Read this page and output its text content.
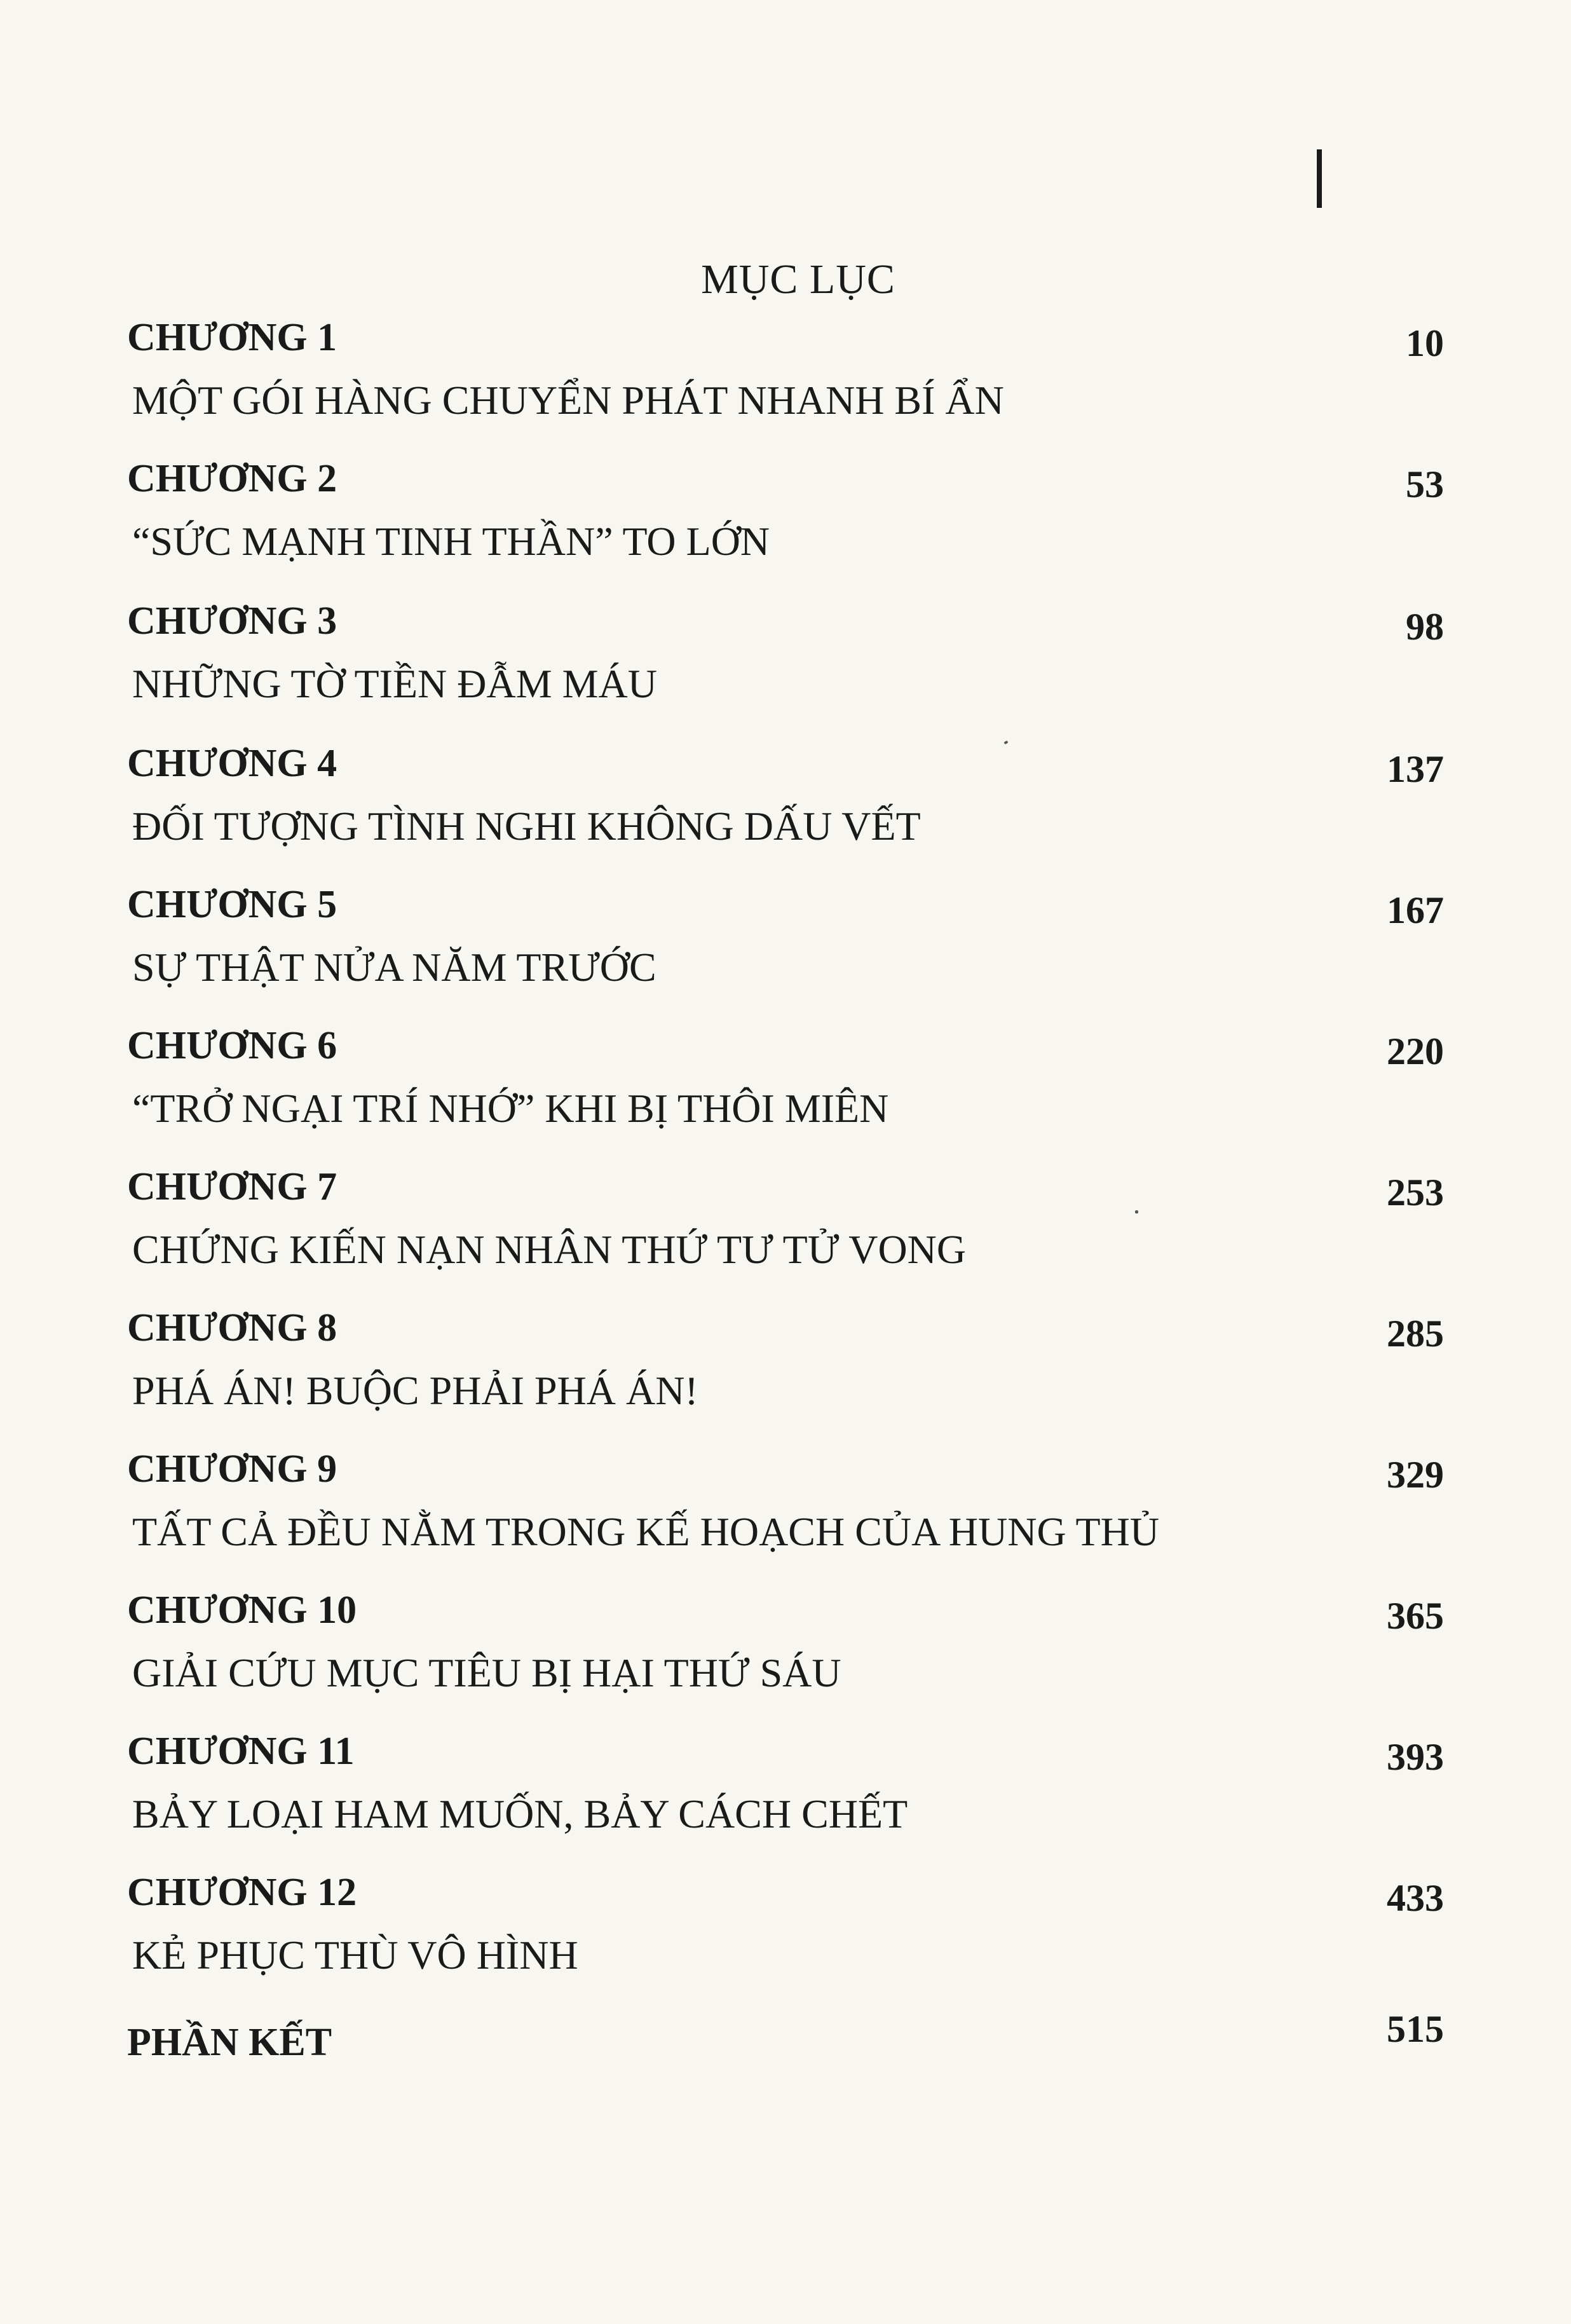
MỤC LỤC
CHƯƠNG 1
MỘT GÓI HÀNG CHUYỂN PHÁT NHANH BÍ ẨN
10
CHƯƠNG 2
“SỨC MẠNH TINH THẦN” TO LỚN
53
CHƯƠNG 3
NHỮNG TỜ TIỀN ĐẪM MÁU
98
CHƯƠNG 4
ĐỐI TƯỢNG TÌNH NGHI KHÔNG DẤU VẾT
137
CHƯƠNG 5
SỰ THẬT NỬA NĂM TRƯỚC
167
CHƯƠNG 6
“TRỞ NGẠI TRÍ NHỚ” KHI BỊ THÔI MIÊN
220
CHƯƠNG 7
CHỨNG KIẾN NẠN NHÂN THỨ TƯ TỬ VONG
253
CHƯƠNG 8
PHÁ ÁN! BUỘC PHẢI PHÁ ÁN!
285
CHƯƠNG 9
TẤT CẢ ĐỀU NẰM TRONG KẾ HOẠCH CỦA HUNG THỦ
329
CHƯƠNG 10
GIẢI CỨU MỤC TIÊU BỊ HẠI THỨ SÁU
365
CHƯƠNG 11
BẢY LOẠI HAM MUỐN, BẢY CÁCH CHẾT
393
CHƯƠNG 12
KẺ PHỤC THÙ VÔ HÌNH
433
PHẦN KẾT	515
